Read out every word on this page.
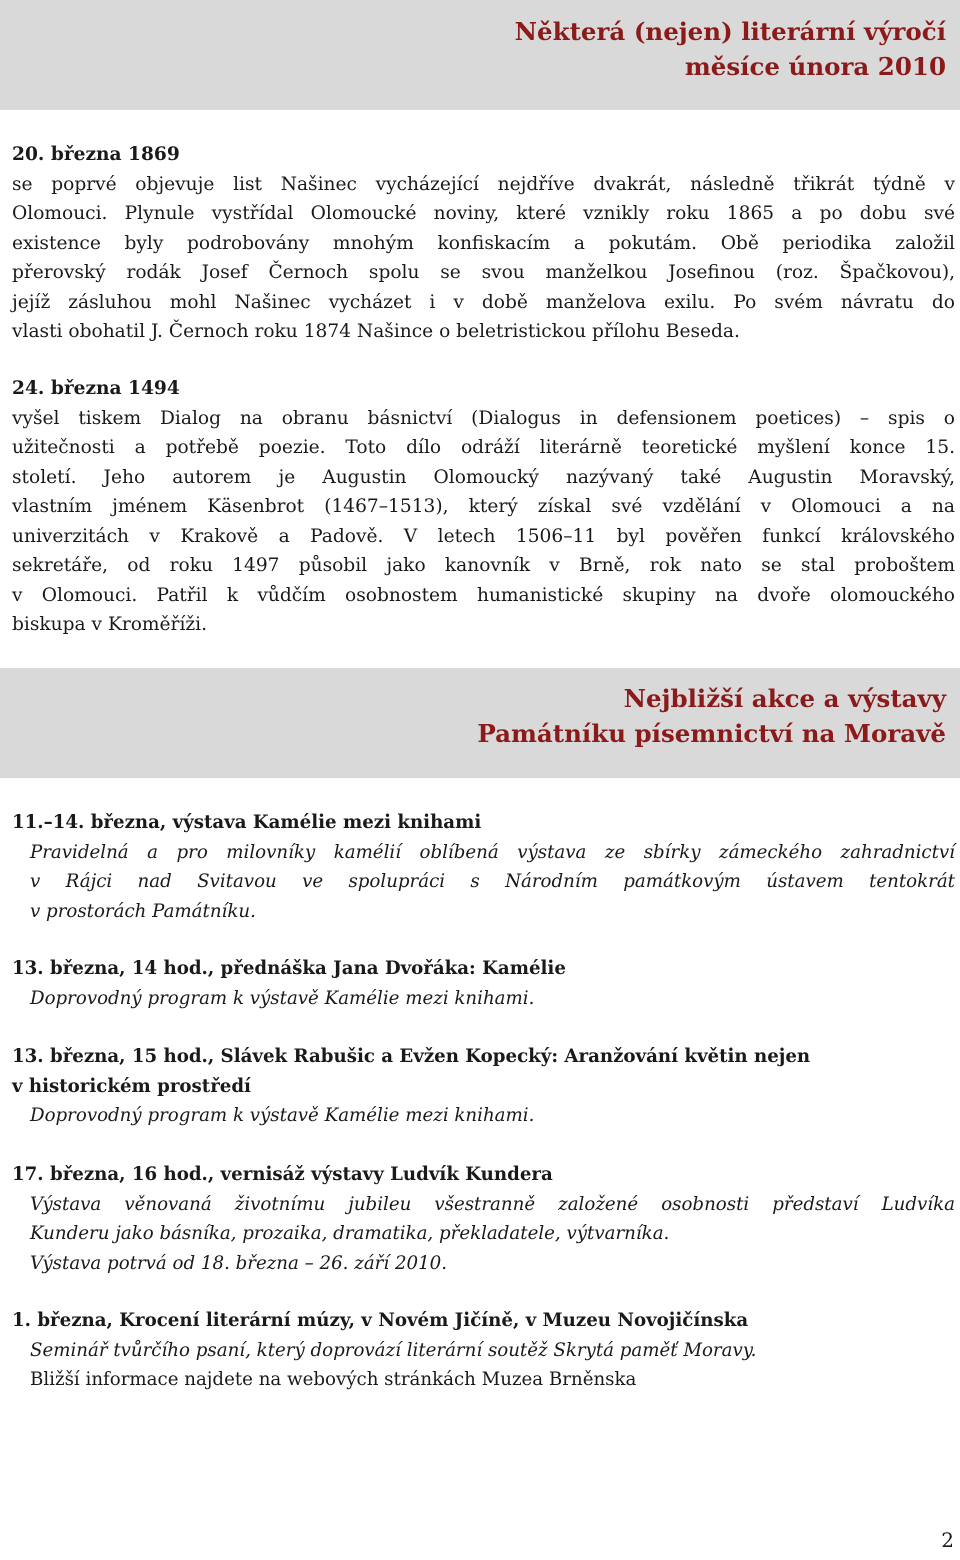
Některá (nejen) literární výročí
měsíce února 2010
20. března 1869
se poprvé objevuje list Našinec vycházející nejdříve dvakrát, následně třikrát týdně v
Olomouci. Plynule vystřídal Olomoucké noviny, které vznikly roku 1865 a po dobu své
existence byly podrobovány mnohým konfiskacím a pokutám. Obě periodika založil
přerovský rodák Josef Černoch spolu se svou manželkou Josefinou (roz. Špačkovou),
jejíž zásluhou mohl Našinec vycházet i v době manželova exilu. Po svém návratu do
vlasti obohatil J. Černoch roku 1874 Našince o beletristickou přílohu Beseda.
24. března 1494
vyšel tiskem Dialog na obranu básnictví (Dialogus in defensionem poetices) – spis o
užitečnosti a potřebě poezie. Toto dílo odráží literárně teoretické myšlení konce 15.
století. Jeho autorem je Augustin Olomoucký nazývaný také Augustin Moravský,
vlastním jménem Käsenbrot (1467–1513), který získal své vzdělání v Olomouci a na
univerzitách v Krakově a Padově. V letech 1506–11 byl pověřen funkcí královského
sekretáře, od roku 1497 působil jako kanovník v Brně, rok nato se stal proboštem
v Olomouci. Patřil k vůdčím osobnostem humanistické skupiny na dvoře olomouckého
biskupa v Kroměříži.
Nejbližší akce a výstavy
Památníku písemnictví na Moravě
11.–14. března, výstava Kamélie mezi knihami
Pravidelná a pro milovníky kamélií oblíbená výstava ze sbírky zámeckého zahradnictví
v Rájci nad Svitavou ve spolupráci s Národním památkovým ústavem tentokrát
v prostorách Památníku.
13. března, 14 hod., přednáška Jana Dvořáka: Kamélie
Doprovodný program k výstavě Kamélie mezi knihami.
13. března, 15 hod., Slávek Rabušic a Evžen Kopecký: Aranžování květin nejen
v historickém prostředí
Doprovodný program k výstavě Kamélie mezi knihami.
17. března, 16 hod., vernisáž výstavy Ludvík Kundera
Výstava věnovaná životnímu jubileu všestranně založené osobnosti představí Ludvíka
Kunderu jako básníka, prozaika, dramatika, překladatele, výtvarníka.
Výstava potrvá od 18. března – 26. září 2010.
1. března, Krocení literární múzy, v Novém Jičíně, v Muzeu Novojičínska
Seminář tvůrčího psaní, který doprovází literární soutěž Skrytá paměť Moravy.
Bližší informace najdete na webových stránkách Muzea Brněnska
2
